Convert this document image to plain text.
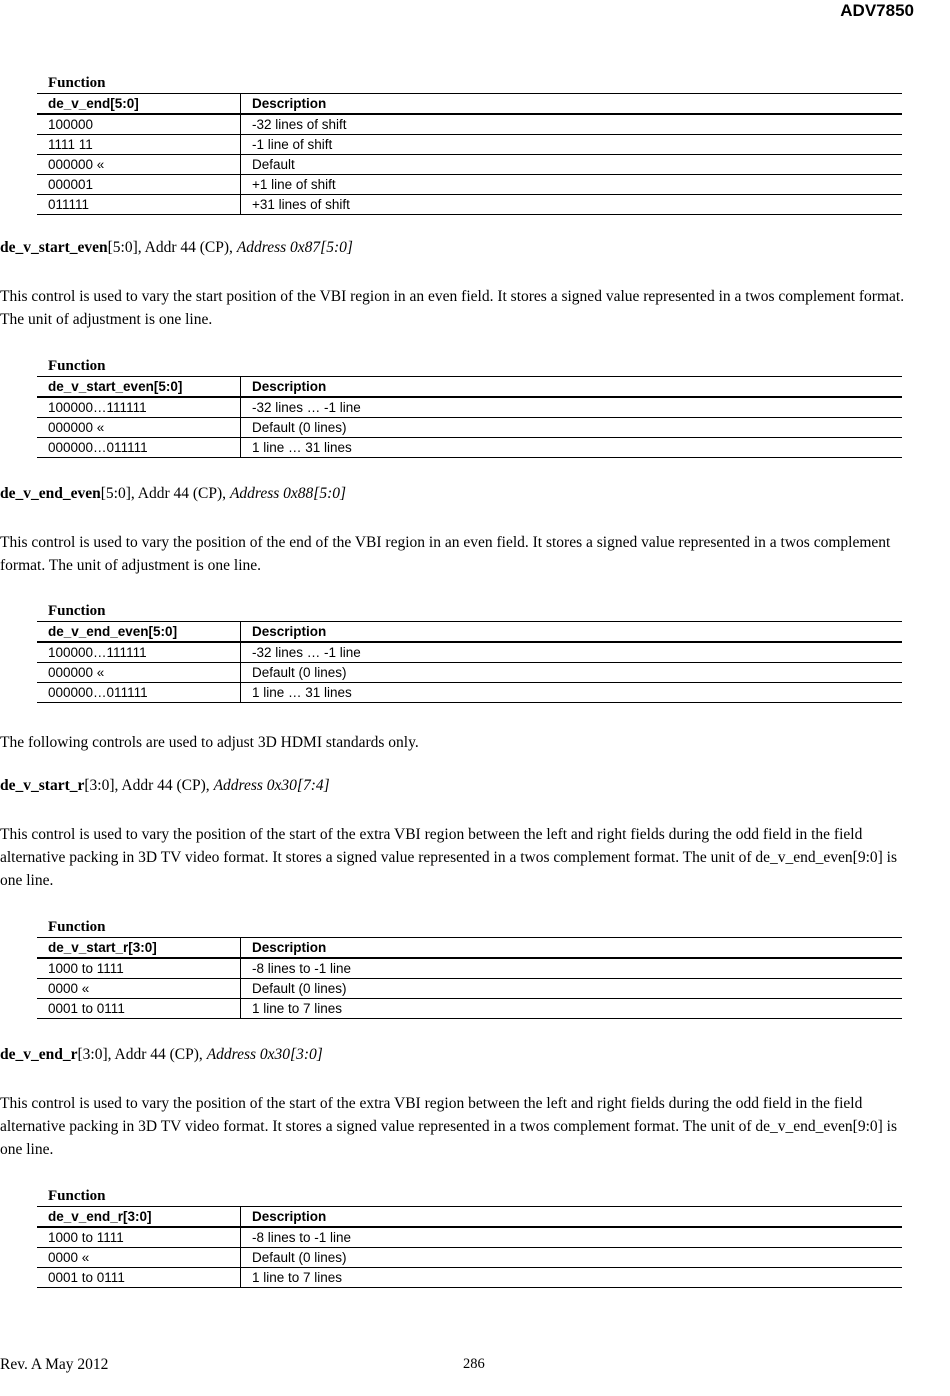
ADV7850
Function
de_v_end[5:0]	Description
100000	-32 lines of shift
1111 11	-1 line of shift
000000 «	Default
000001	+1 line of shift
011111	+31 lines of shift
de_v_start_even[5:0], Addr 44 (CP), Address 0x87[5:0]
This control is used to vary the start position of the VBI region in an even field. It stores a signed value represented in a twos complement format. The unit of adjustment is one line.
Function
de_v_start_even[5:0]	Description
100000…111111	-32 lines … -1 line
000000 «	Default (0 lines)
000000…011111	1 line … 31 lines
de_v_end_even[5:0], Addr 44 (CP), Address 0x88[5:0]
This control is used to vary the position of the end of the VBI region in an even field. It stores a signed value represented in a twos complement format. The unit of adjustment is one line.
Function
de_v_end_even[5:0]	Description
100000…111111	-32 lines … -1 line
000000 «	Default (0 lines)
000000…011111	1 line … 31 lines
The following controls are used to adjust 3D HDMI standards only.
de_v_start_r[3:0], Addr 44 (CP), Address 0x30[7:4]
This control is used to vary the position of the start of the extra VBI region between the left and right fields during the odd field in the field alternative packing in 3D TV video format. It stores a signed value represented in a twos complement format. The unit of de_v_end_even[9:0] is one line.
Function
de_v_start_r[3:0]	Description
1000 to 1111	-8 lines to -1 line
0000 «	Default (0 lines)
0001 to 0111	1 line to 7 lines
de_v_end_r[3:0], Addr 44 (CP), Address 0x30[3:0]
This control is used to vary the position of the start of the extra VBI region between the left and right fields during the odd field in the field alternative packing in 3D TV video format. It stores a signed value represented in a twos complement format. The unit of de_v_end_even[9:0] is one line.
Function
de_v_end_r[3:0]	Description
1000 to 1111	-8 lines to -1 line
0000 «	Default (0 lines)
0001 to 0111	1 line to 7 lines
Rev. A May 2012	286
